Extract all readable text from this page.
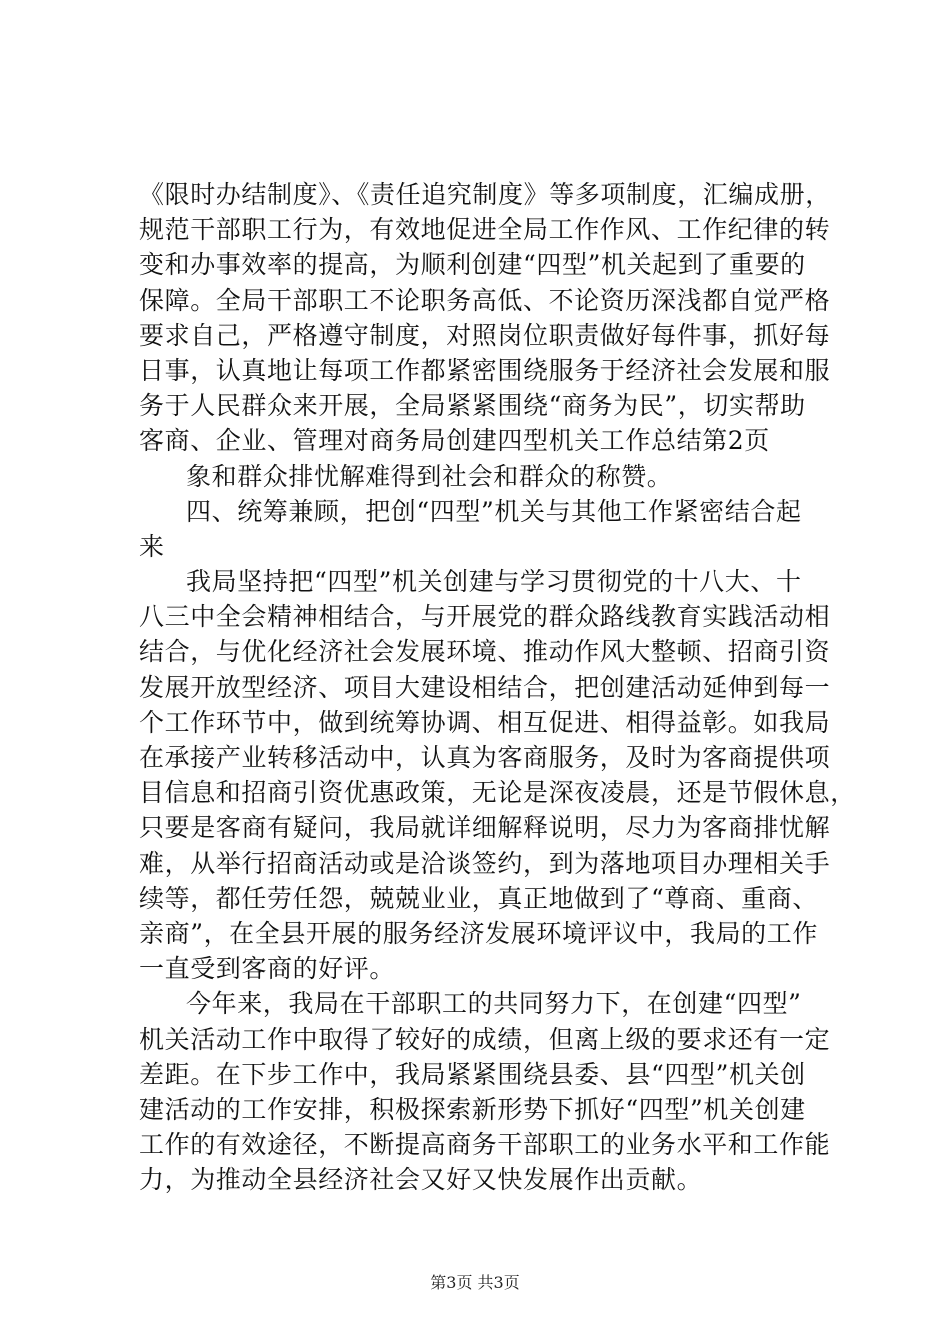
《限时办结制度》、《责任追究制度》等多项制度，汇编成册，
规范干部职工行为，有效地促进全局工作作风、工作纪律的转
变和办事效率的提高，为顺利创建“四型”机关起到了重要的
保障。全局干部职工不论职务高低、不论资历深浅都自觉严格
要求自己，严格遵守制度，对照岗位职责做好每件事，抓好每
日事，认真地让每项工作都紧密围绕服务于经济社会发展和服
务于人民群众来开展，全局紧紧围绕“商务为民”，切实帮助
客商、企业、管理对商务局创建四型机关工作总结第2页
象和群众排忧解难得到社会和群众的称赞。
四、统筹兼顾，把创“四型”机关与其他工作紧密结合起
来
我局坚持把“四型”机关创建与学习贯彻党的十八大、十
八三中全会精神相结合，与开展党的群众路线教育实践活动相
结合，与优化经济社会发展环境、推动作风大整顿、招商引资
发展开放型经济、项目大建设相结合，把创建活动延伸到每一
个工作环节中，做到统筹协调、相互促进、相得益彰。如我局
在承接产业转移活动中，认真为客商服务，及时为客商提供项
目信息和招商引资优惠政策，无论是深夜凌晨，还是节假休息，
只要是客商有疑问，我局就详细解释说明，尽力为客商排忧解
难，从举行招商活动或是洽谈签约，到为落地项目办理相关手
续等，都任劳任怨，兢兢业业，真正地做到了“尊商、重商、
亲商”，在全县开展的服务经济发展环境评议中，我局的工作
一直受到客商的好评。
今年来，我局在干部职工的共同努力下，在创建“四型”
机关活动工作中取得了较好的成绩，但离上级的要求还有一定
差距。在下步工作中，我局紧紧围绕县委、县“四型”机关创
建活动的工作安排，积极探索新形势下抓好“四型”机关创建
工作的有效途径，不断提高商务干部职工的业务水平和工作能
力，为推动全县经济社会又好又快发展作出贡献。
第3页 共3页
